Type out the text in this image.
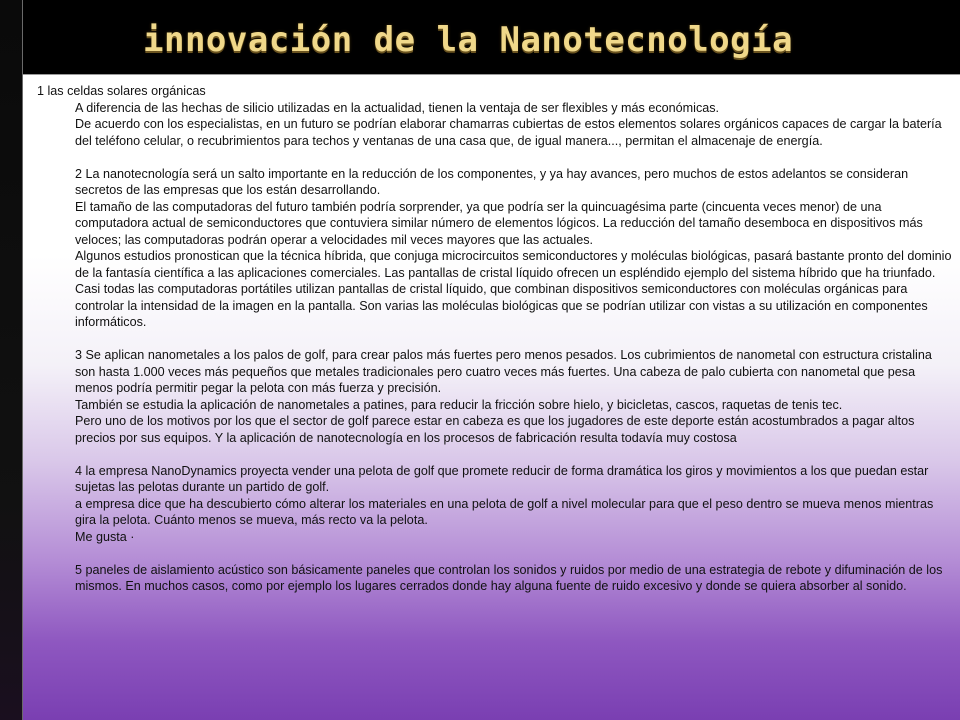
innovación de la Nanotecnología

1 las celdas solares orgánicas

A diferencia de las hechas de silicio utilizadas en la actualidad, tienen la ventaja de ser flexibles y más económicas.

De acuerdo con los especialistas, en un futuro se podrían elaborar chamarras cubiertas de estos elementos solares orgánicos capaces de cargar la batería del teléfono celular, o recubrimientos para techos y ventanas de una casa que, de igual manera..., permitan el almacenaje de energía.

2 La nanotecnología será un salto importante en la reducción de los componentes, y ya hay avances, pero muchos de estos adelantos se consideran secretos de las empresas que los están desarrollando.

El tamaño de las computadoras del futuro también podría sorprender, ya que podría ser la quincuagésima parte (cincuenta veces menor) de una computadora actual de semiconductores que contuviera similar número de elementos lógicos. La reducción del tamaño desemboca en dispositivos más veloces; las computadoras podrán operar a velocidades mil veces mayores que las actuales.

Algunos estudios pronostican que la técnica híbrida, que conjuga microcircuitos semiconductores y moléculas biológicas, pasará bastante pronto del dominio de la fantasía científica a las aplicaciones comerciales. Las pantallas de cristal líquido ofrecen un espléndido ejemplo del sistema híbrido que ha triunfado. Casi todas las computadoras portátiles utilizan pantallas de cristal líquido, que combinan dispositivos semiconductores con moléculas orgánicas para controlar la intensidad de la imagen en la pantalla. Son varias las moléculas biológicas que se podrían utilizar con vistas a su utilización en componentes informáticos.

3 Se aplican nanometales a los palos de golf, para crear palos más fuertes pero menos pesados. Los cubrimientos de nanometal con estructura cristalina son hasta 1.000 veces más pequeños que metales tradicionales pero cuatro veces más fuertes. Una cabeza de palo cubierta con nanometal que pesa menos podría permitir pegar la pelota con más fuerza y precisión.

También se estudia la aplicación de nanometales a patines, para reducir la fricción sobre hielo, y bicicletas, cascos, raquetas de tenis tec.

Pero uno de los motivos por los que el sector de golf parece estar en cabeza es que los jugadores de este deporte están acostumbrados a pagar altos precios por sus equipos. Y la aplicación de nanotecnología en los procesos de fabricación resulta todavía muy costosa

4 la empresa NanoDynamics proyecta vender una pelota de golf que promete reducir de forma dramática los giros y movimientos a los que puedan estar sujetas las pelotas durante un partido de golf.

a empresa dice que ha descubierto cómo alterar los materiales en una pelota de golf a nivel molecular para que el peso dentro se mueva menos mientras gira la pelota. Cuánto menos se mueva, más recto va la pelota.

Me gusta ·

5 paneles de aislamiento acústico son básicamente paneles que controlan los sonidos y ruidos por medio de una estrategia de rebote y difuminación de los mismos. En muchos casos, como por ejemplo los lugares cerrados donde hay alguna fuente de ruido excesivo y donde se quiera absorber al sonido.
